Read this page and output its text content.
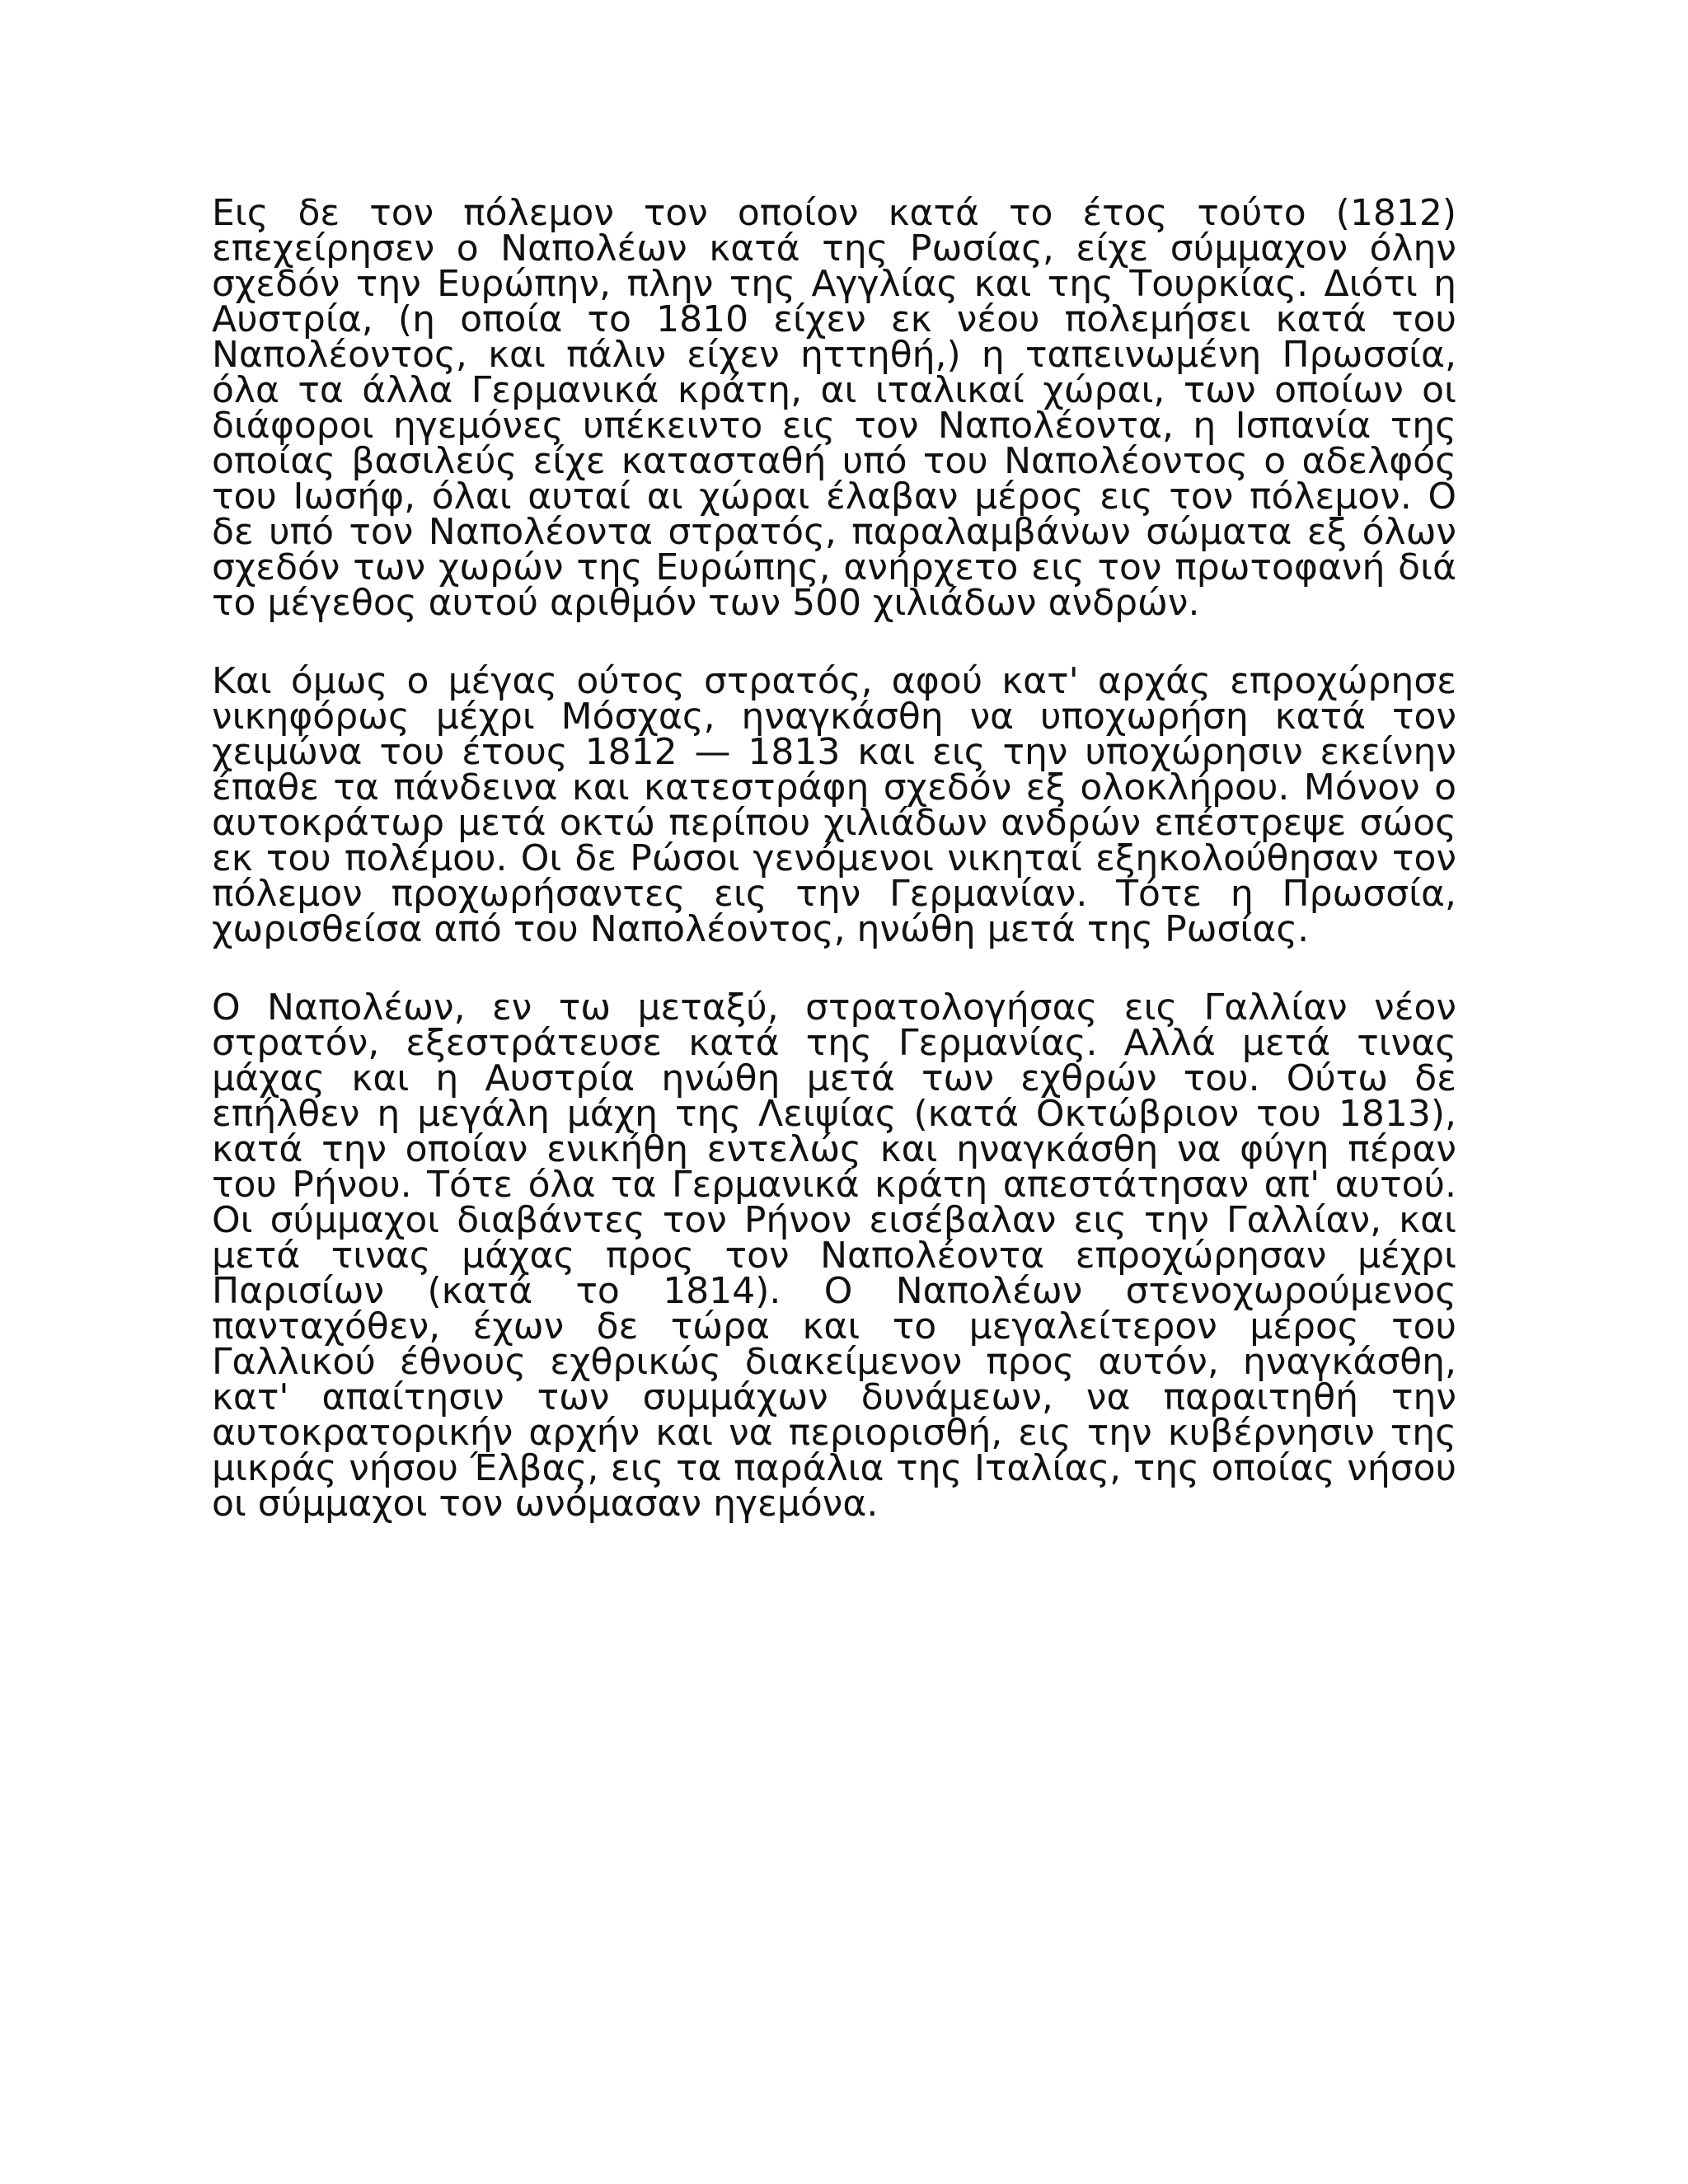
Εις δε τον πόλεμον τον οποίον κατά το έτος τούτο (1812) επεχείρησεν ο Ναπολέων κατά της Ρωσίας, είχε σύμμαχον όλην σχεδόν την Ευρώπην, πλην της Αγγλίας και της Τουρκίας. Διότι η Αυστρία, (η οποία το 1810 είχεν εκ νέου πολεμήσει κατά του Ναπολέοντος, και πάλιν είχεν ηττηθή,) η ταπεινωμένη Πρωσσία, όλα τα άλλα Γερμανικά κράτη, αι ιταλικαί χώραι, των οποίων οι διάφοροι ηγεμόνες υπέκειντο εις τον Ναπολέοντα, η Ισπανία της οποίας βασιλεύς είχε κατασταθή υπό του Ναπολέοντος ο αδελφός του Ιωσήφ, όλαι αυταί αι χώραι έλαβαν μέρος εις τον πόλεμον. Ο δε υπό τον Ναπολέοντα στρατός, παραλαμβάνων σώματα εξ όλων σχεδόν των χωρών της Ευρώπης, ανήρχετο εις τον πρωτοφανή διά το μέγεθος αυτού αριθμόν των 500 χιλιάδων ανδρών.

Και όμως ο μέγας ούτος στρατός, αφού κατ' αρχάς επροχώρησε νικηφόρως μέχρι Μόσχας, ηναγκάσθη να υποχωρήση κατά τον χειμώνα του έτους 1812 — 1813 και εις την υποχώρησιν εκείνην έπαθε τα πάνδεινα και κατεστράφη σχεδόν εξ ολοκλήρου. Μόνον ο αυτοκράτωρ μετά οκτώ περίπου χιλιάδων ανδρών επέστρεψε σώος εκ του πολέμου. Οι δε Ρώσοι γενόμενοι νικηταί εξηκολούθησαν τον πόλεμον προχωρήσαντες εις την Γερμανίαν. Τότε η Πρωσσία, χωρισθείσα από του Ναπολέοντος, ηνώθη μετά της Ρωσίας.

Ο Ναπολέων, εν τω μεταξύ, στρατολογήσας εις Γαλλίαν νέον στρατόν, εξεστράτευσε κατά της Γερμανίας. Αλλά μετά τινας μάχας και η Αυστρία ηνώθη μετά των εχθρών του. Ούτω δε επήλθεν η μεγάλη μάχη της Λειψίας (κατά Οκτώβριον του 1813), κατά την οποίαν ενικήθη εντελώς και ηναγκάσθη να φύγη πέραν του Ρήνου. Τότε όλα τα Γερμανικά κράτη απεστάτησαν απ' αυτού. Οι σύμμαχοι διαβάντες τον Ρήνον εισέβαλαν εις την Γαλλίαν, και μετά τινας μάχας προς τον Ναπολέοντα επροχώρησαν μέχρι Παρισίων (κατά το 1814). Ο Ναπολέων στενοχωρούμενος πανταχόθεν, έχων δε τώρα και το μεγαλείτερον μέρος του Γαλλικού έθνους εχθρικώς διακείμενον προς αυτόν, ηναγκάσθη, κατ' απαίτησιν των συμμάχων δυνάμεων, να παραιτηθή την αυτοκρατορικήν αρχήν και να περιορισθή, εις την κυβέρνησιν της μικράς νήσου Έλβας, εις τα παράλια της Ιταλίας, της οποίας νήσου οι σύμμαχοι τον ωνόμασαν ηγεμόνα.
